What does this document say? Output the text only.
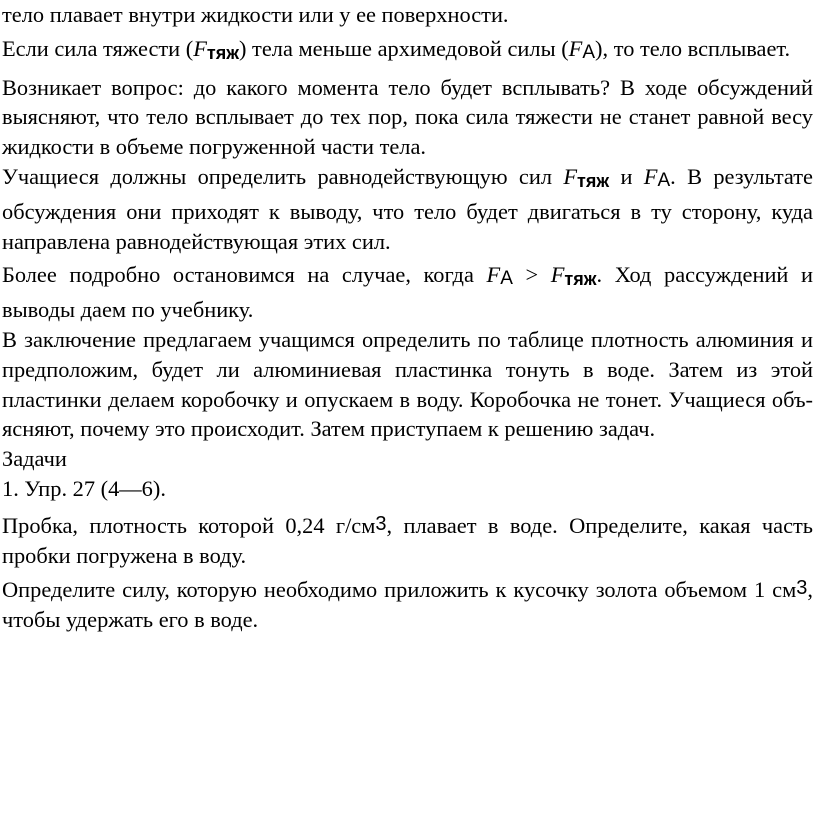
тело плавает внутри жидкости или у ее поверхности.

Если сила тяжести (Fтяж) тела меньше архимедовой силы (FA), то тело всплывает.

Возникает вопрос: до какого момента тело будет всплывать? В ходе обсуждений выясняют, что тело всплывает до тех пор, пока сила тяжести не станет равной весу жидкости в объеме погруженной части тела.

Учащиеся должны определить равнодействующую сил Fтяж и FA. В результате обсуждения они приходят к выводу, что тело будет двигаться в ту сторону, куда направлена равнодействующая этих сил.

Более подробно остановимся на случае, когда FA > Fтяж. Ход рассуждений и выводы даем по учебнику.

В заключение предлагаем учащимся определить по таблице плотность алюминия и предположим, будет ли алюминиевая пластинка тонуть в воде. Затем из этой пластинки делаем коробочку и опускаем в воду. Коробочка не тонет. Учащиеся объ- ясняют, почему это происходит. Затем приступаем к решению задач.

Задачи

1. Упр. 27 (4—6).

Пробка, плотность которой 0,24 г/см3, плавает в воде. Определите, какая часть пробки погружена в воду.

Определите силу, которую необходимо приложить к кусочку золота объемом 1 см3, чтобы удержать его в воде.
